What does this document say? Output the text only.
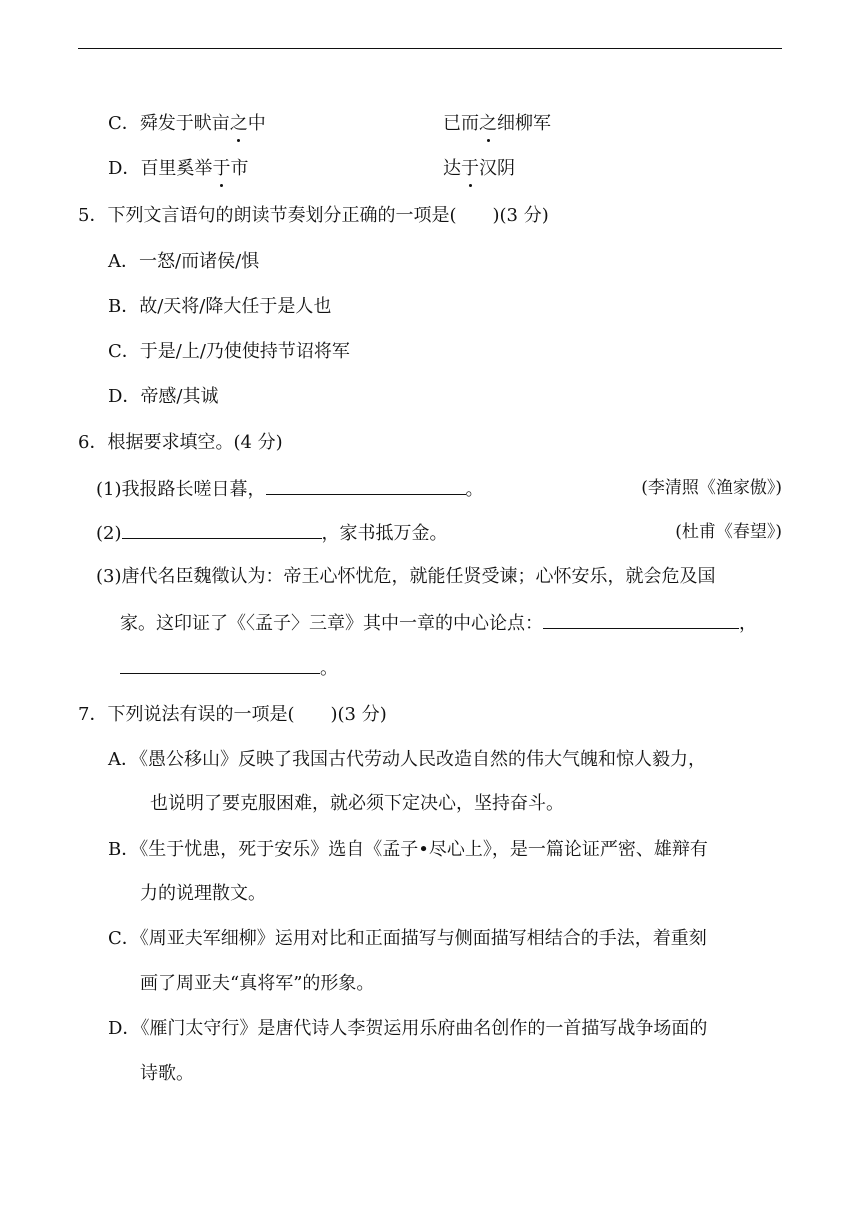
C．舜发于畎亩之中	已而之细柳军
D．百里奚举于市	达于汉阴
5．下列文言语句的朗读节奏划分正确的一项是(　　)(3 分)
A．一怒/而诸侯/惧
B．故/天将/降大任于是人也
C．于是/上/乃使使持节诏将军
D．帝感/其诚
6．根据要求填空。(4 分)
(1)我报路长嗟日暮，	。	(李清照《渔家傲》)
(2)	，家书抵万金。	(杜甫《春望》)
(3)唐代名臣魏徵认为：帝王心怀忧危，就能任贤受谏；心怀安乐，就会危及国
家。这印证了《〈孟子〉三章》其中一章的中心论点：	，
。
7．下列说法有误的一项是(　　)(3 分)
A．《愚公移山》反映了我国古代劳动人民改造自然的伟大气魄和惊人毅力，
也说明了要克服困难，就必须下定决心，坚持奋斗。
B．《生于忧患，死于安乐》选自《孟子•尽心上》，是一篇论证严密、雄辩有
力的说理散文。
C．《周亚夫军细柳》运用对比和正面描写与侧面描写相结合的手法，着重刻
画了周亚夫“真将军”的形象。
D．《雁门太守行》是唐代诗人李贺运用乐府曲名创作的一首描写战争场面的
诗歌。
